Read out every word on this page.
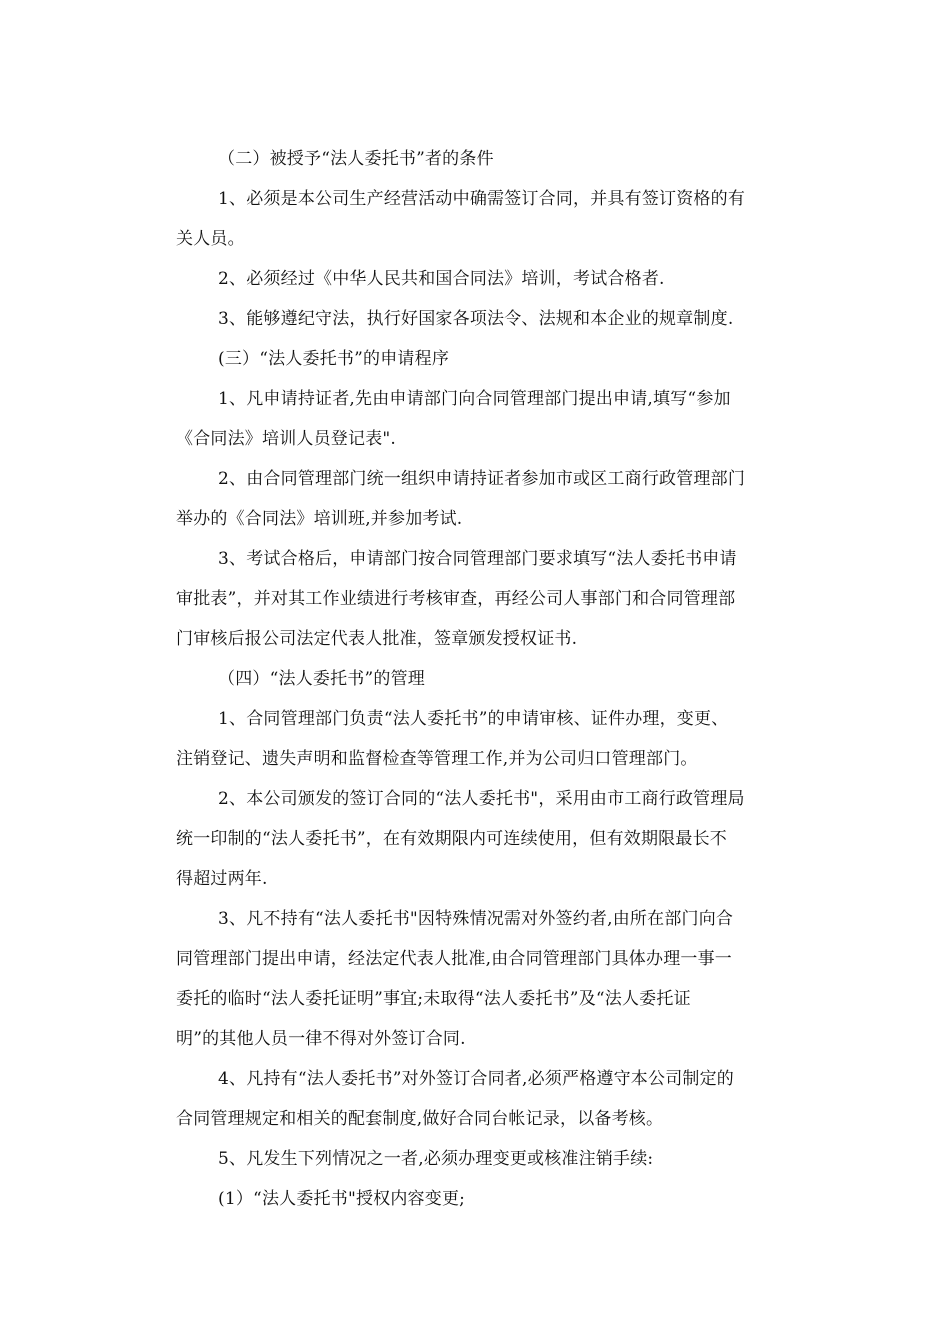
（二）被授予“法人委托书”者的条件
1、必须是本公司生产经营活动中确需签订合同，并具有签订资格的有
关人员。
2、必须经过《中华人民共和国合同法》培训，考试合格者.
3、能够遵纪守法，执行好国家各项法令、法规和本企业的规章制度.
(三）“法人委托书”的申请程序
1、凡申请持证者,先由申请部门向合同管理部门提出申请,填写“参加
《合同法》培训人员登记表".
2、由合同管理部门统一组织申请持证者参加市或区工商行政管理部门
举办的《合同法》培训班,并参加考试.
3、考试合格后，申请部门按合同管理部门要求填写“法人委托书申请
审批表”，并对其工作业绩进行考核审查，再经公司人事部门和合同管理部
门审核后报公司法定代表人批准，签章颁发授权证书.
（四）“法人委托书”的管理
1、合同管理部门负责“法人委托书”的申请审核、证件办理，变更、
注销登记、遗失声明和监督检查等管理工作,并为公司归口管理部门。
2、本公司颁发的签订合同的“法人委托书"，采用由市工商行政管理局
统一印制的“法人委托书”，在有效期限内可连续使用，但有效期限最长不
得超过两年.
3、凡不持有“法人委托书"因特殊情况需对外签约者,由所在部门向合
同管理部门提出申请，经法定代表人批准,由合同管理部门具体办理一事一
委托的临时“法人委托证明”事宜;未取得“法人委托书”及“法人委托证
明”的其他人员一律不得对外签订合同.
4、凡持有“法人委托书”对外签订合同者,必须严格遵守本公司制定的
合同管理规定和相关的配套制度,做好合同台帐记录，以备考核。
5、凡发生下列情况之一者,必须办理变更或核准注销手续:
(1）“法人委托书"授权内容变更;
